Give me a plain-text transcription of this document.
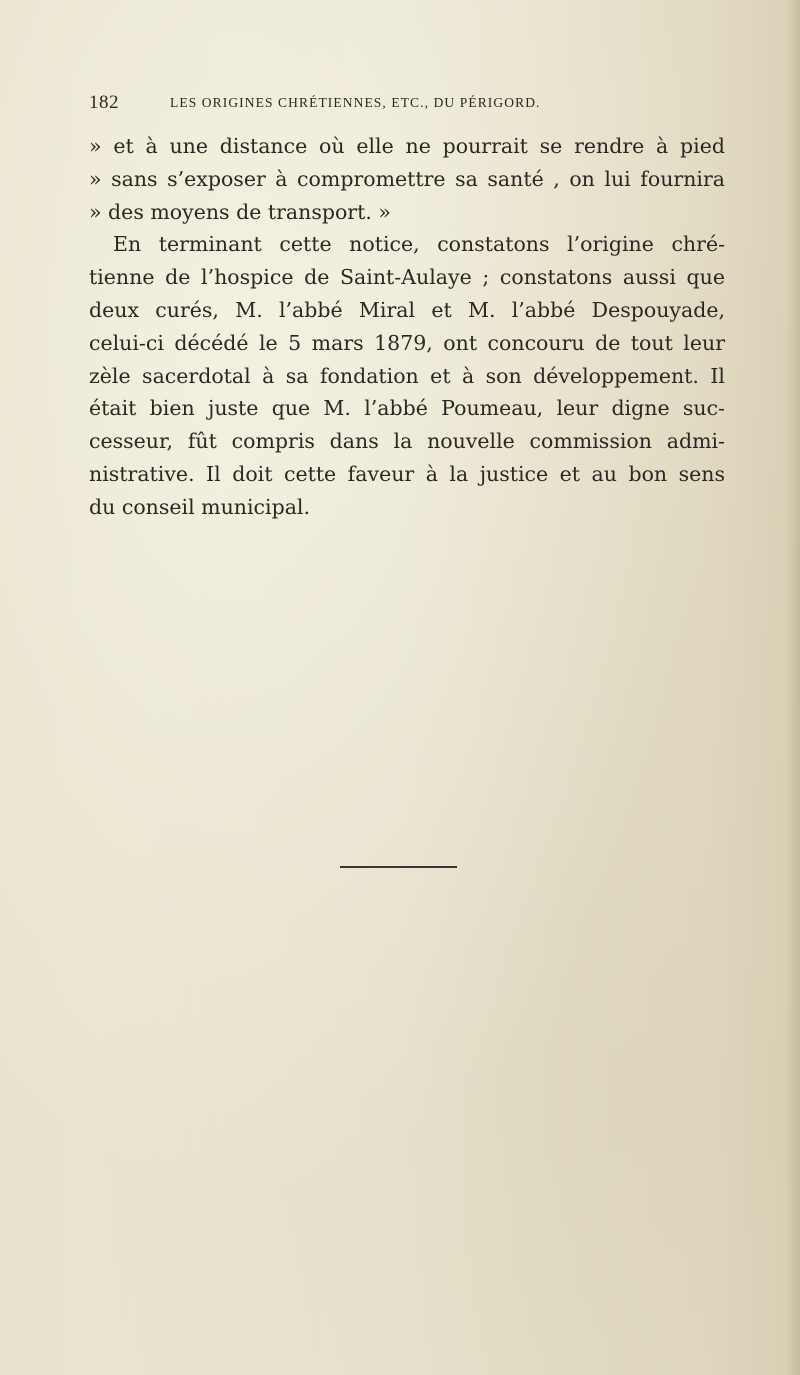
182	LES ORIGINES CHRÉTIENNES, ETC., DU PÉRIGORD.
» et à une distance où elle ne pourrait se rendre à pied
» sans s’exposer à compromettre sa santé , on lui fournira
» des moyens de transport. »
En terminant cette notice, constatons l’origine chré-
tienne de l’hospice de Saint-Aulaye ; constatons aussi que
deux curés, M. l’abbé Miral et M. l’abbé Despouyade,
celui-ci décédé le 5 mars 1879, ont concouru de tout leur
zèle sacerdotal à sa fondation et à son développement. Il
était bien juste que M. l’abbé Poumeau, leur digne suc-
cesseur, fût compris dans la nouvelle commission admi-
nistrative. Il doit cette faveur à la justice et au bon sens
du conseil municipal.
